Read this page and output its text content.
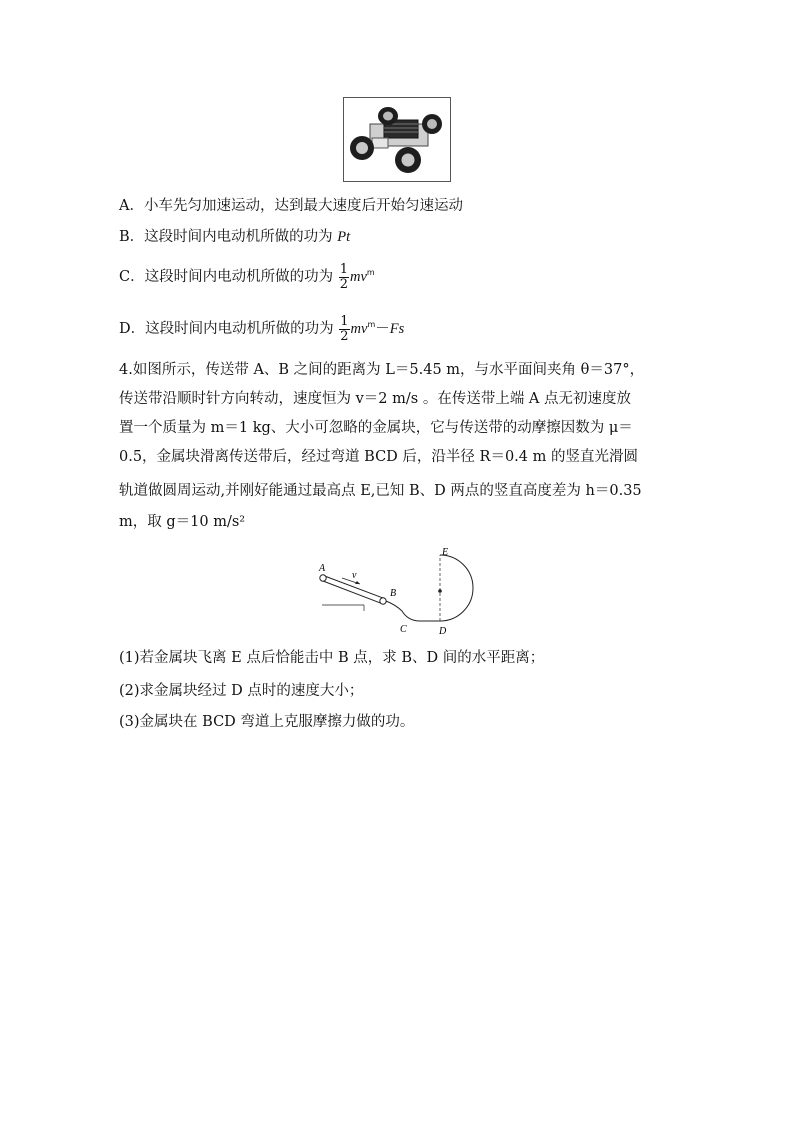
A．小车先匀加速运动，达到最大速度后开始匀速运动
B．这段时间内电动机所做的功为 Pt
C．这段时间内电动机所做的功为 $\frac{1}{2} mv^m$
D．这段时间内电动机所做的功为 $\frac{1}{2} mv^m-Fs$
4.如图所示，传送带 A、B 之间的距离为 L＝5.45 m，与水平面间夹角 θ＝37°，
传送带沿顺时针方向转动，速度恒为 v＝2 m/s 。在传送带上端 A 点无初速度放
置一个质量为 m＝1 kg、大小可忽略的金属块，它与传送带的动摩擦因数为 μ＝
0.5，金属块滑离传送带后，经过弯道 BCD 后，沿半径 R＝0.4 m 的竖直光滑圆
轨道做圆周运动,并刚好能通过最高点 E,已知 B、D 两点的竖直高度差为 h＝0.35
m，取 g＝10 m/s²
A
v
B
C	D
E
(1)若金属块飞离 E 点后恰能击中 B 点，求 B、D 间的水平距离；
(2)求金属块经过 D 点时的速度大小；
(3)金属块在 BCD 弯道上克服摩擦力做的功。
